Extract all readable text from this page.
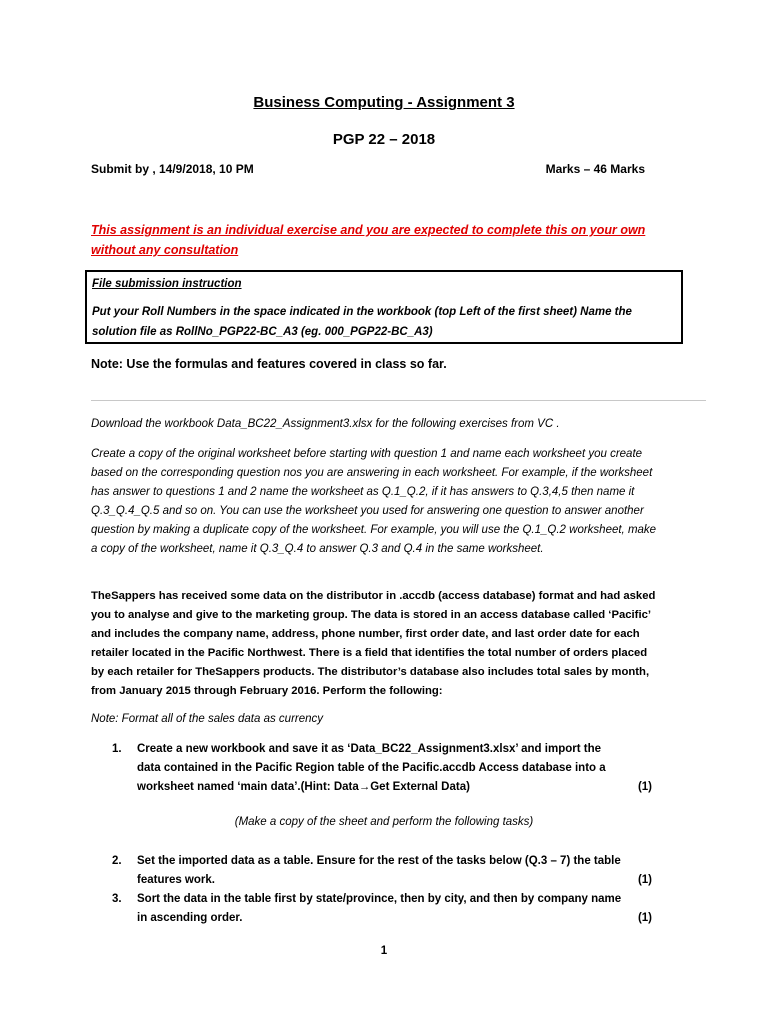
Business Computing - Assignment 3
PGP 22 – 2018
Submit by , 14/9/2018, 10 PM	Marks – 46 Marks
This assignment is an individual exercise and you are expected to complete this on your own without any consultation
File submission instruction
Put your Roll Numbers in the space indicated in the workbook (top Left of the first sheet) Name the solution file as RollNo_PGP22-BC_A3 (eg. 000_PGP22-BC_A3)
Note: Use the formulas and features covered in class so far.
Download the workbook Data_BC22_Assignment3.xlsx for the following exercises from VC .
Create a copy of the original worksheet before starting with question 1 and name each worksheet you create based on the corresponding question nos you are answering in each worksheet. For example, if the worksheet has answer to questions 1 and 2 name the worksheet as Q.1_Q.2, if it has answers to Q.3,4,5 then name it Q.3_Q.4_Q.5 and so on. You can use the worksheet you used for answering one question to answer another question by making a duplicate copy of the worksheet. For example, you will use the Q.1_Q.2 worksheet, make a copy of the worksheet, name it Q.3_Q.4 to answer Q.3 and Q.4 in the same worksheet.
TheSappers has received some data on the distributor in .accdb (access database) format and had asked you to analyse and give to the marketing group. The data is stored in an access database called ‘Pacific’ and includes the company name, address, phone number, first order date, and last order date for each retailer located in the Pacific Northwest. There is a field that identifies the total number of orders placed by each retailer for TheSappers products. The distributor’s database also includes total sales by month, from January 2015 through February 2016. Perform the following:
Note: Format all of the sales data as currency
1. Create a new workbook and save it as ‘Data_BC22_Assignment3.xlsx’ and import the data contained in the Pacific Region table of the Pacific.accdb Access database into a worksheet named ‘main data’.(Hint: Data→Get External Data)	(1)
(Make a copy of the sheet and perform the following tasks)
2. Set the imported data as a table. Ensure for the rest of the tasks below (Q.3 – 7) the table features work.	(1)
3. Sort the data in the table first by state/province, then by city, and then by company name in ascending order.	(1)
1
